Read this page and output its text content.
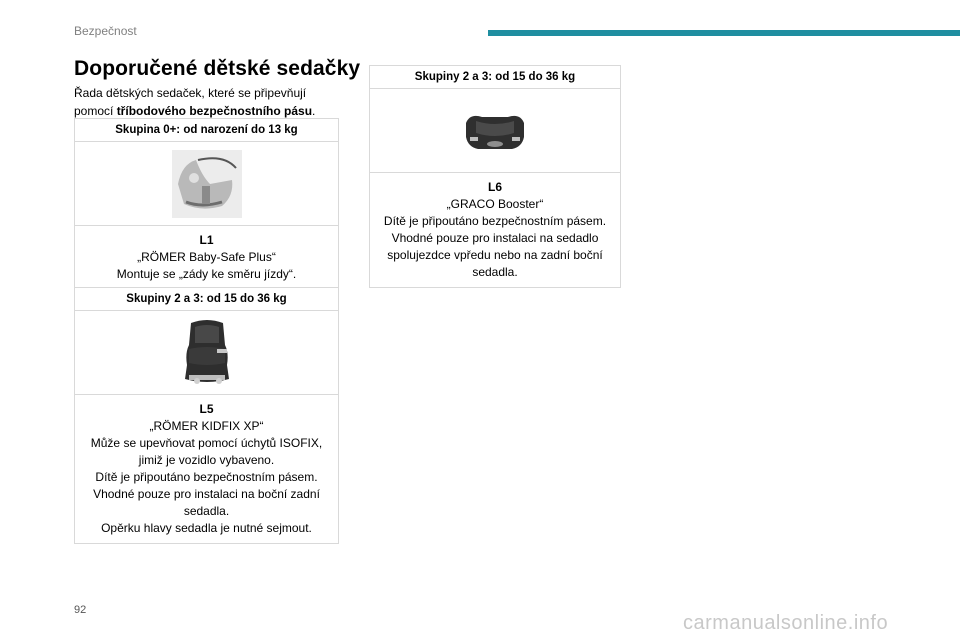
Bezpečnost
Doporučené dětské sedačky

Řada dětských sedaček, které se připevňují pomocí tříbodového bezpečnostního pásu.

Skupina 0+: od narození do 13 kg
L1
„RÖMER Baby-Safe Plus“
Montuje se „zády ke směru jízdy“.
Skupiny 2 a 3: od 15 do 36 kg
L5
„RÖMER KIDFIX XP“
Může se upevňovat pomocí úchytů ISOFIX, jimiž je vozidlo vybaveno.
Dítě je připoutáno bezpečnostním pásem.
Vhodné pouze pro instalaci na boční zadní sedadla.
Opěrku hlavy sedadla je nutné sejmout.
Skupiny 2 a 3: od 15 do 36 kg
L6
„GRACO Booster“
Dítě je připoutáno bezpečnostním pásem.
Vhodné pouze pro instalaci na sedadlo spolujezdce vpředu nebo na zadní boční sedadla.
92
carmanualsonline.info
